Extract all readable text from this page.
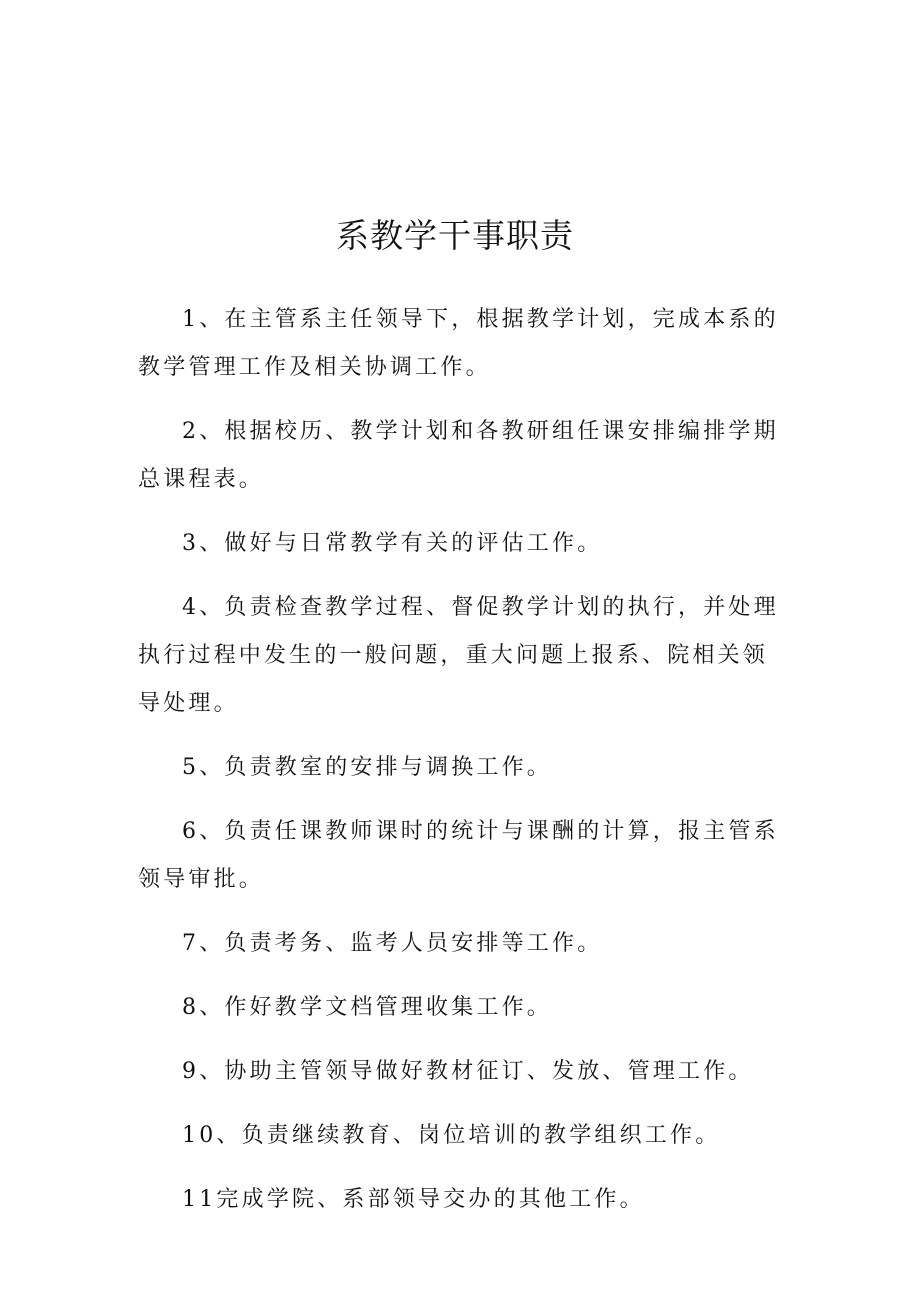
系教学干事职责

1、在主管系主任领导下，根据教学计划，完成本系的教学管理工作及相关协调工作。

2、根据校历、教学计划和各教研组任课安排编排学期总课程表。

3、做好与日常教学有关的评估工作。

4、负责检查教学过程、督促教学计划的执行，并处理执行过程中发生的一般问题，重大问题上报系、院相关领导处理。

5、负责教室的安排与调换工作。

6、负责任课教师课时的统计与课酬的计算，报主管系领导审批。

7、负责考务、监考人员安排等工作。

8、作好教学文档管理收集工作。

9、协助主管领导做好教材征订、发放、管理工作。

10、负责继续教育、岗位培训的教学组织工作。

11完成学院、系部领导交办的其他工作。
